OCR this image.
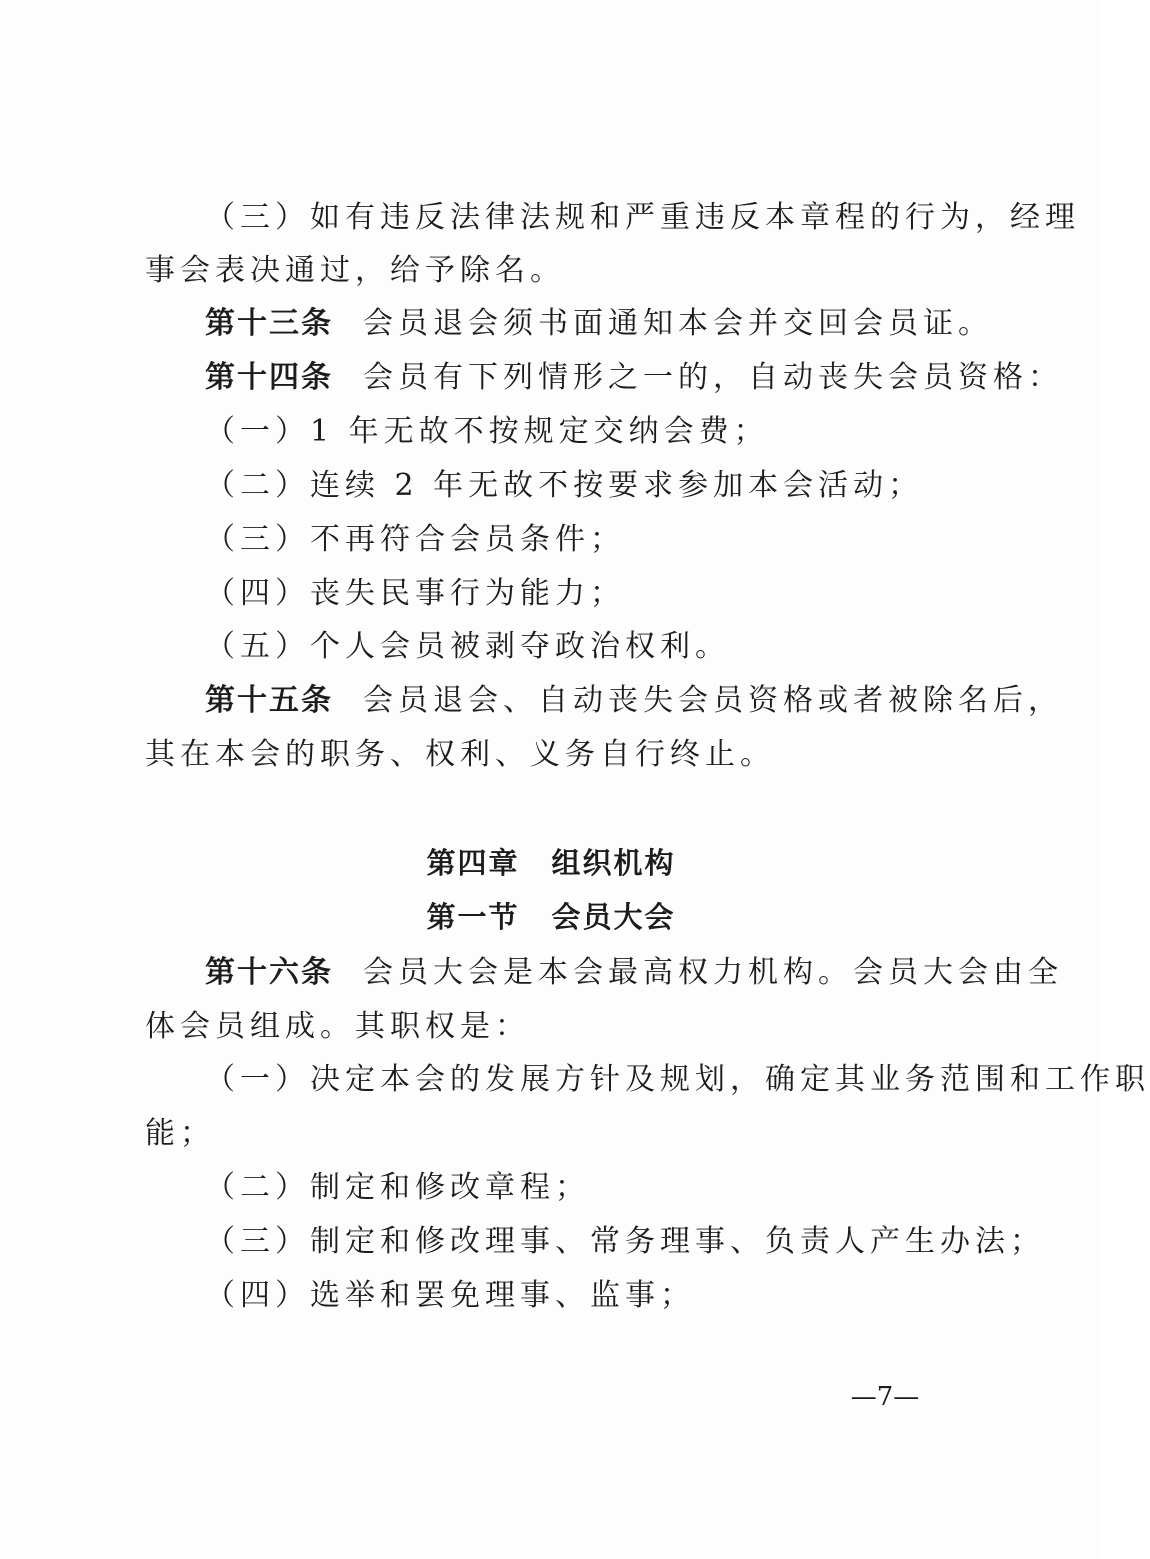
（三）如有违反法律法规和严重违反本章程的行为，经理
事会表决通过，给予除名。
第十三条 会员退会须书面通知本会并交回会员证。
第十四条 会员有下列情形之一的，自动丧失会员资格：
（一）1 年无故不按规定交纳会费；
（二）连续 2 年无故不按要求参加本会活动；
（三）不再符合会员条件；
（四）丧失民事行为能力；
（五）个人会员被剥夺政治权利。
第十五条 会员退会、自动丧失会员资格或者被除名后，
其在本会的职务、权利、义务自行终止。
第四章 组织机构
第一节 会员大会
第十六条 会员大会是本会最高权力机构。会员大会由全
体会员组成。其职权是：
（一）决定本会的发展方针及规划，确定其业务范围和工作职
能；
（二）制定和修改章程；
（三）制定和修改理事、常务理事、负责人产生办法；
（四）选举和罢免理事、监事；
—7—
